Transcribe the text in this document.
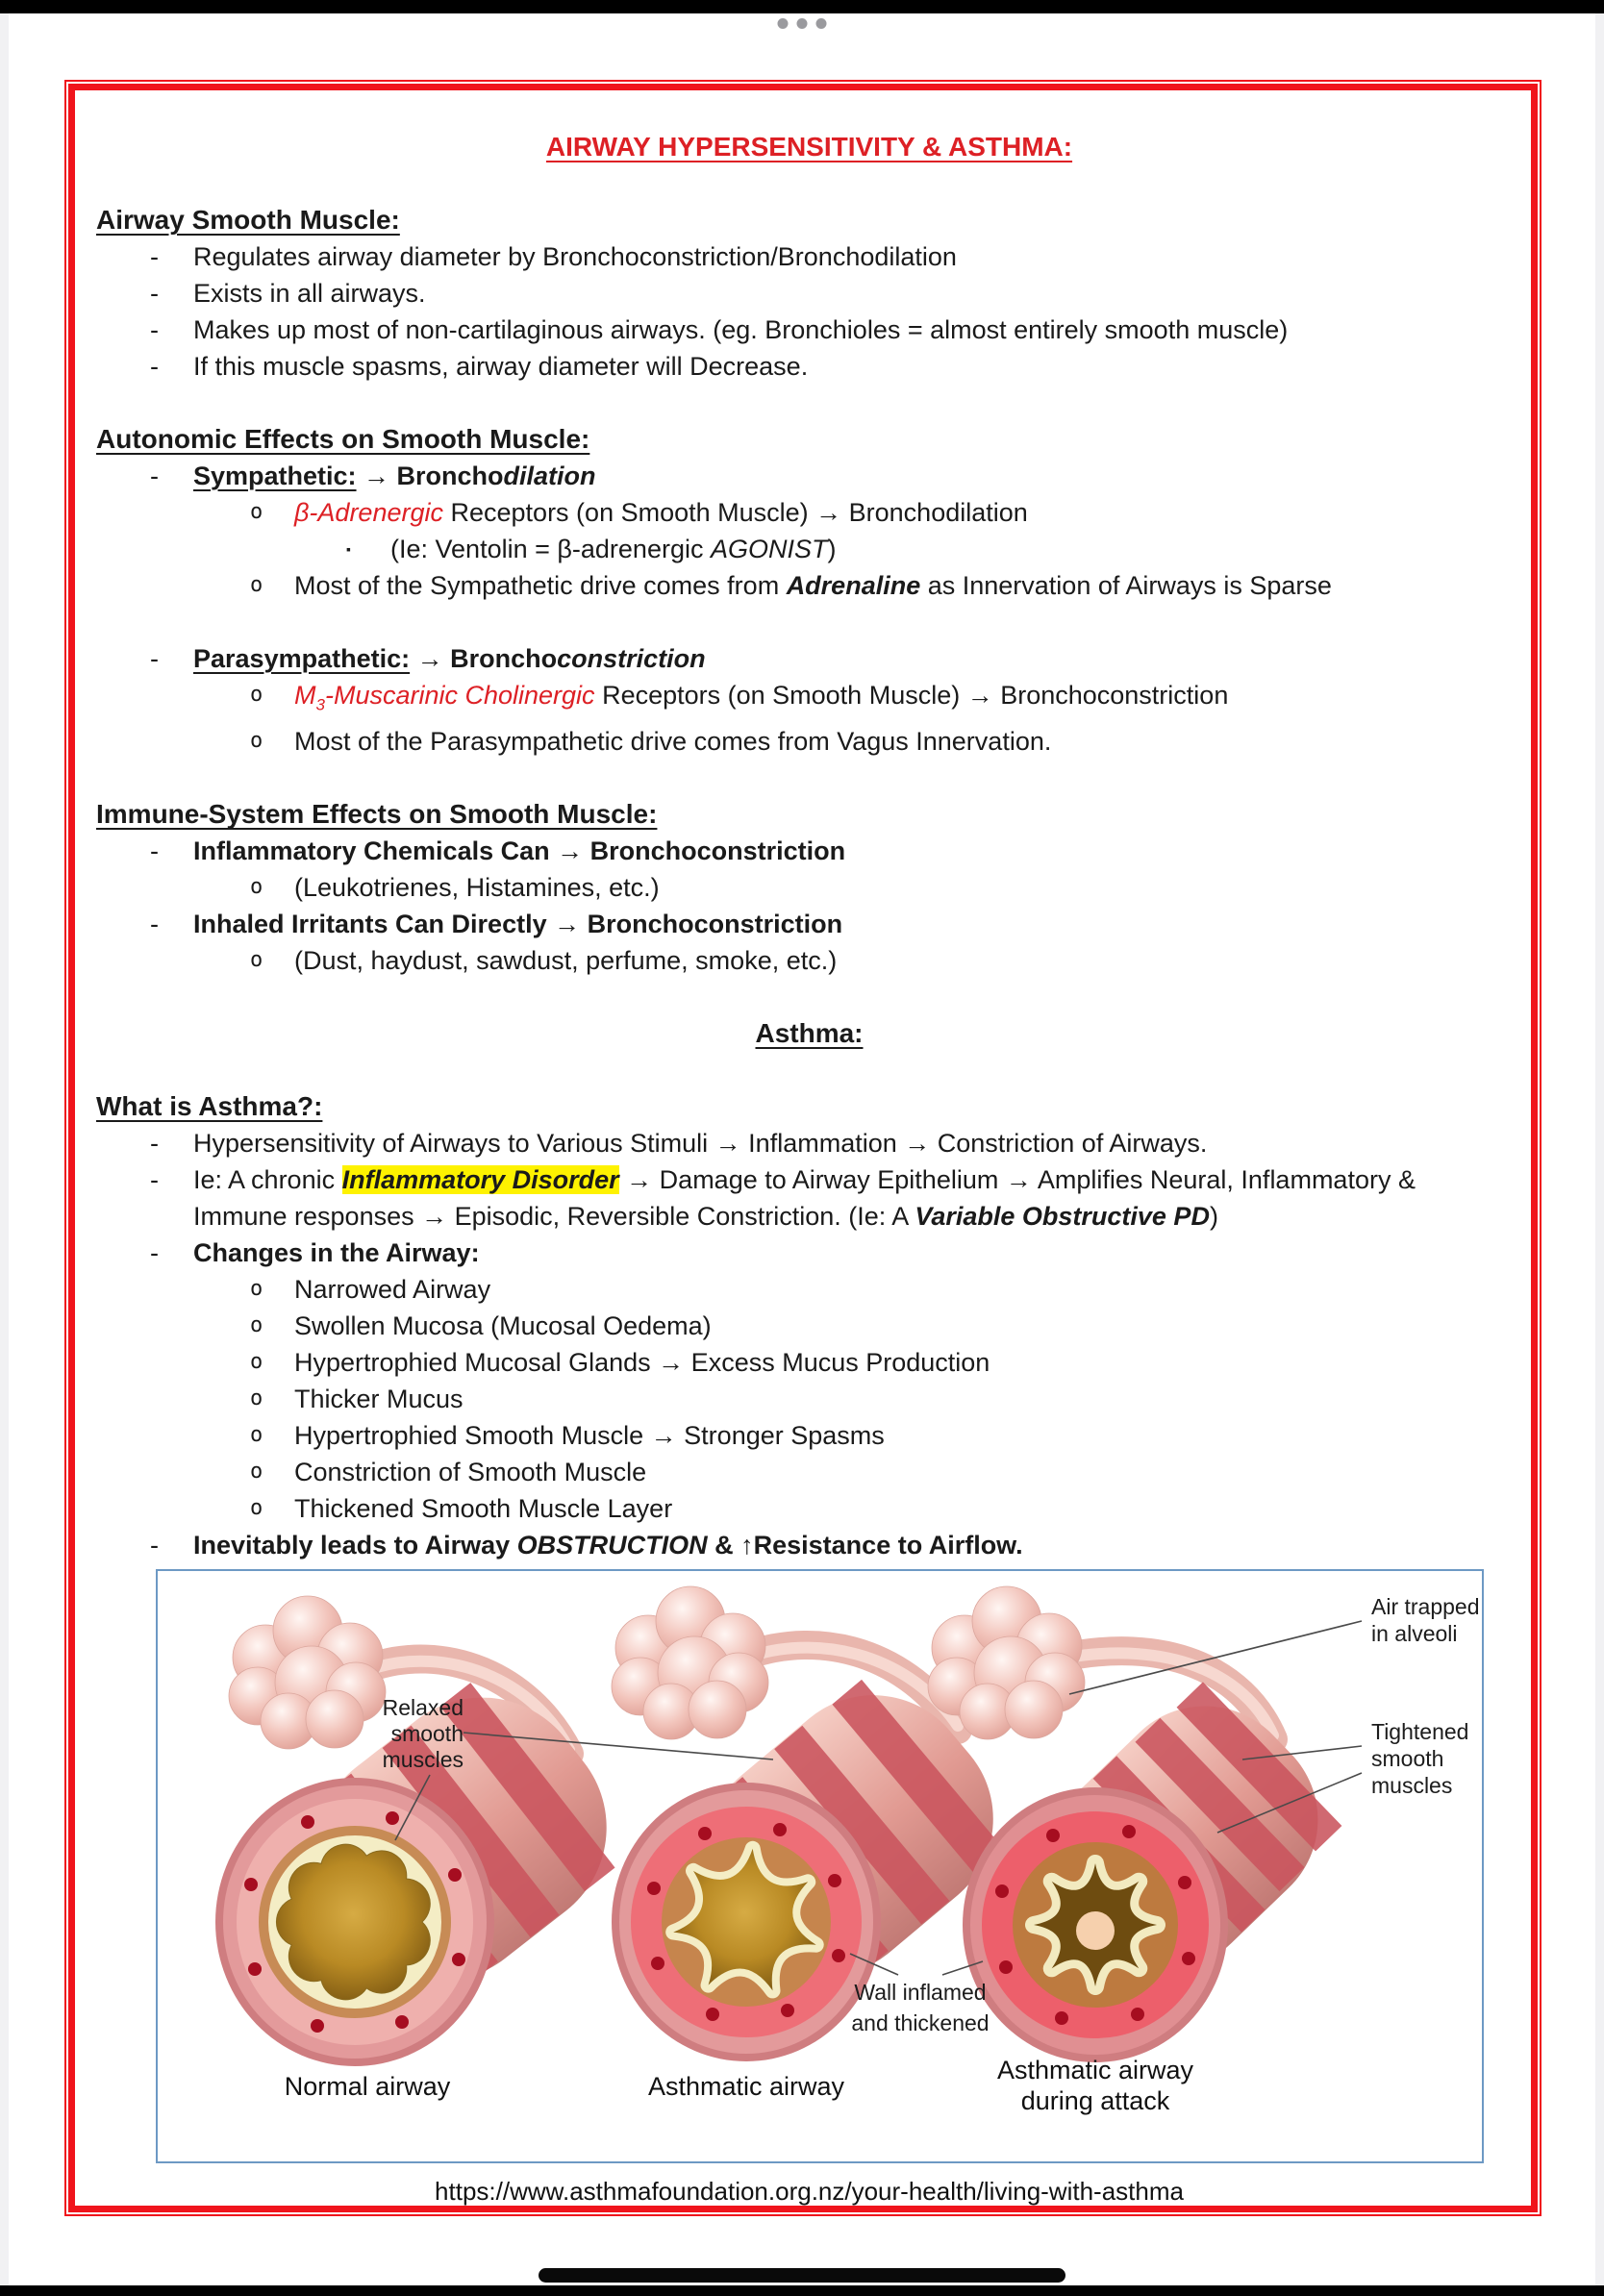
AIRWAY HYPERSENSITIVITY & ASTHMA:
Airway Smooth Muscle:
-	Regulates airway diameter by Bronchoconstriction/Bronchodilation
-	Exists in all airways.
-	Makes up most of non-cartilaginous airways. (eg. Bronchioles = almost entirely smooth muscle)
-	If this muscle spasms, airway diameter will Decrease.
Autonomic Effects on Smooth Muscle:
-	Sympathetic: → Bronchodilation
o	β-Adrenergic Receptors (on Smooth Muscle) → Bronchodilation
▪	(Ie: Ventolin = β-adrenergic AGONIST)
o	Most of the Sympathetic drive comes from Adrenaline as Innervation of Airways is Sparse
-	Parasympathetic: → Bronchoconstriction
o	$M_3$-Muscarinic Cholinergic Receptors (on Smooth Muscle) → Bronchoconstriction
o	Most of the Parasympathetic drive comes from Vagus Innervation.
Immune-System Effects on Smooth Muscle:
-	Inflammatory Chemicals Can → Bronchoconstriction
o	(Leukotrienes, Histamines, etc.)
-	Inhaled Irritants Can Directly → Bronchoconstriction
o	(Dust, haydust, sawdust, perfume, smoke, etc.)
Asthma:
What is Asthma?:
-	Hypersensitivity of Airways to Various Stimuli → Inflammation → Constriction of Airways.
-	Ie: A chronic Inflammatory Disorder → Damage to Airway Epithelium → Amplifies Neural, Inflammatory & Immune responses → Episodic, Reversible Constriction. (Ie: A Variable Obstructive PD)
-	Changes in the Airway:
o	Narrowed Airway
o	Swollen Mucosa (Mucosal Oedema)
o	Hypertrophied Mucosal Glands → Excess Mucus Production
o	Thicker Mucus
o	Hypertrophied Smooth Muscle → Stronger Spasms
o	Constriction of Smooth Muscle
o	Thickened Smooth Muscle Layer
-	Inevitably leads to Airway OBSTRUCTION & ↑Resistance to Airflow.
Relaxed
smooth
muscles
Air trapped
in alveoli
Tightened
smooth
muscles
Wall inflamed
and thickened
Normal airway	Asthmatic airway
Asthmatic airway
during attack
https://www.asthmafoundation.org.nz/your-health/living-with-asthma
